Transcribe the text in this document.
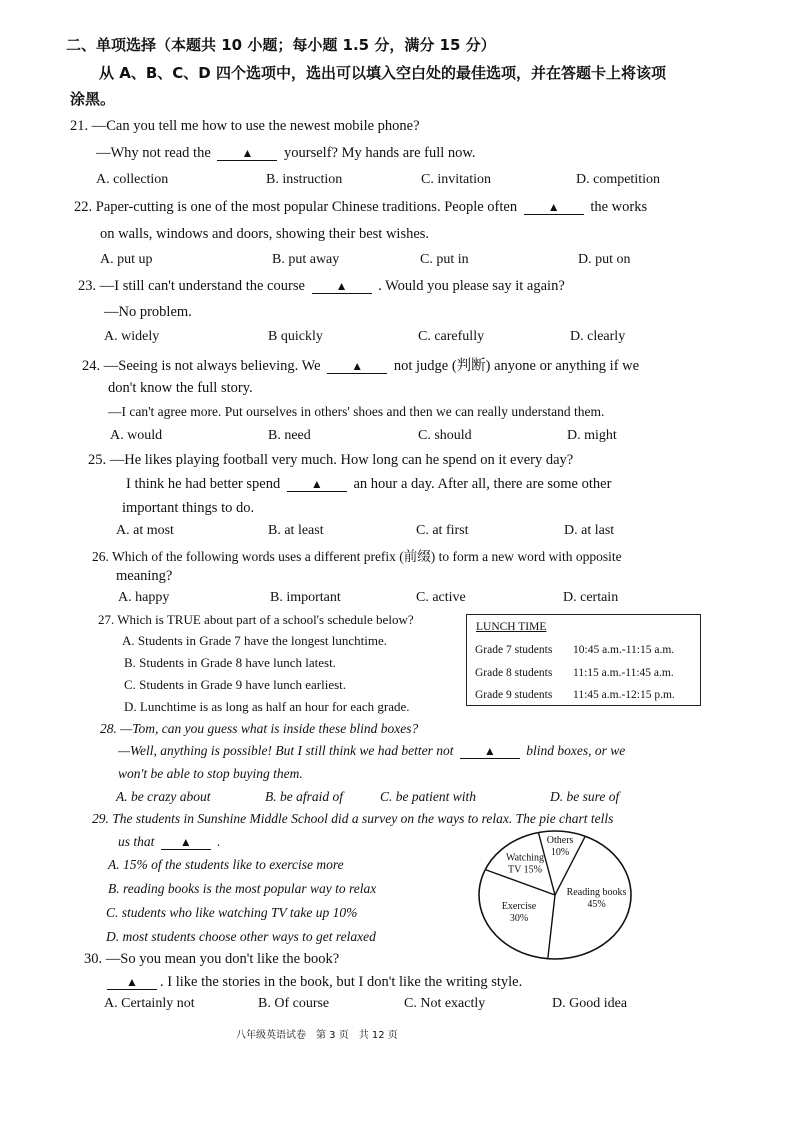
二、单项选择（本题共 10 小题；每小题 1.5 分，满分 15 分）
从 A、B、C、D 四个选项中，选出可以填入空白处的最佳选项，并在答题卡上将该项
涂黑。
21. —Can you tell me how to use the newest mobile phone?
—Why not read the	▲ yourself? My hands are full now.
A. collection	B. instruction	C. invitation	D. competition
22. Paper-cutting is one of the most popular Chinese traditions. People often	▲ the works
on walls, windows and doors, showing their best wishes.
A. put up	B. put away	C. put in	D. put on
23. —I still can't understand the course	▲ . Would you please say it again?
—No problem.
A. widely	B quickly	C. carefully	D. clearly
24. —Seeing is not always believing. We	▲ not judge (判断) anyone or anything if we
don't know the full story.
—I can't agree more. Put ourselves in others' shoes and then we can really understand them.
A. would	B. need	C. should	D. might
25. —He likes playing football very much. How long can he spend on it every day?
I think he had better spend	▲ an hour a day. After all, there are some other
important things to do.
A. at most	B. at least	C. at first	D. at last
26. Which of the following words uses a different prefix (前缀) to form a new word with opposite
meaning?
A. happy	B. important	C. active	D. certain
27. Which is TRUE about part of a school's schedule below?
A. Students in Grade 7 have the longest lunchtime.
B. Students in Grade 8 have lunch latest.
C. Students in Grade 9 have lunch earliest.
D. Lunchtime is as long as half an hour for each grade.
LUNCH TIME
Grade 7 students 10:45 a.m.-11:15 a.m.
Grade 8 students 11:15 a.m.-11:45 a.m.
Grade 9 students 11:45 a.m.-12:15 p.m.
28. —Tom, can you guess what is inside these blind boxes?
—Well, anything is possible! But I still think we had better not	▲ blind boxes, or we
won't be able to stop buying them.
A. be crazy about	B. be afraid of	C. be patient with	D. be sure of
29. The students in Sunshine Middle School did a survey on the ways to relax. The pie chart tells
us that ▲ .
A. 15% of the students like to exercise more
B. reading books is the most popular way to relax
C. students who like watching TV take up 10%
D. most students choose other ways to get relaxed
Others 10%
Reading books 45%
Exercise 30%
Watching TV 15%
30. —So you mean you don't like the book?
▲ . I like the stories in the book, but I don't like the writing style.
A. Certainly not	B. Of course	C. Not exactly	D. Good idea
八年级英语试卷　第 3 页　共 12 页
